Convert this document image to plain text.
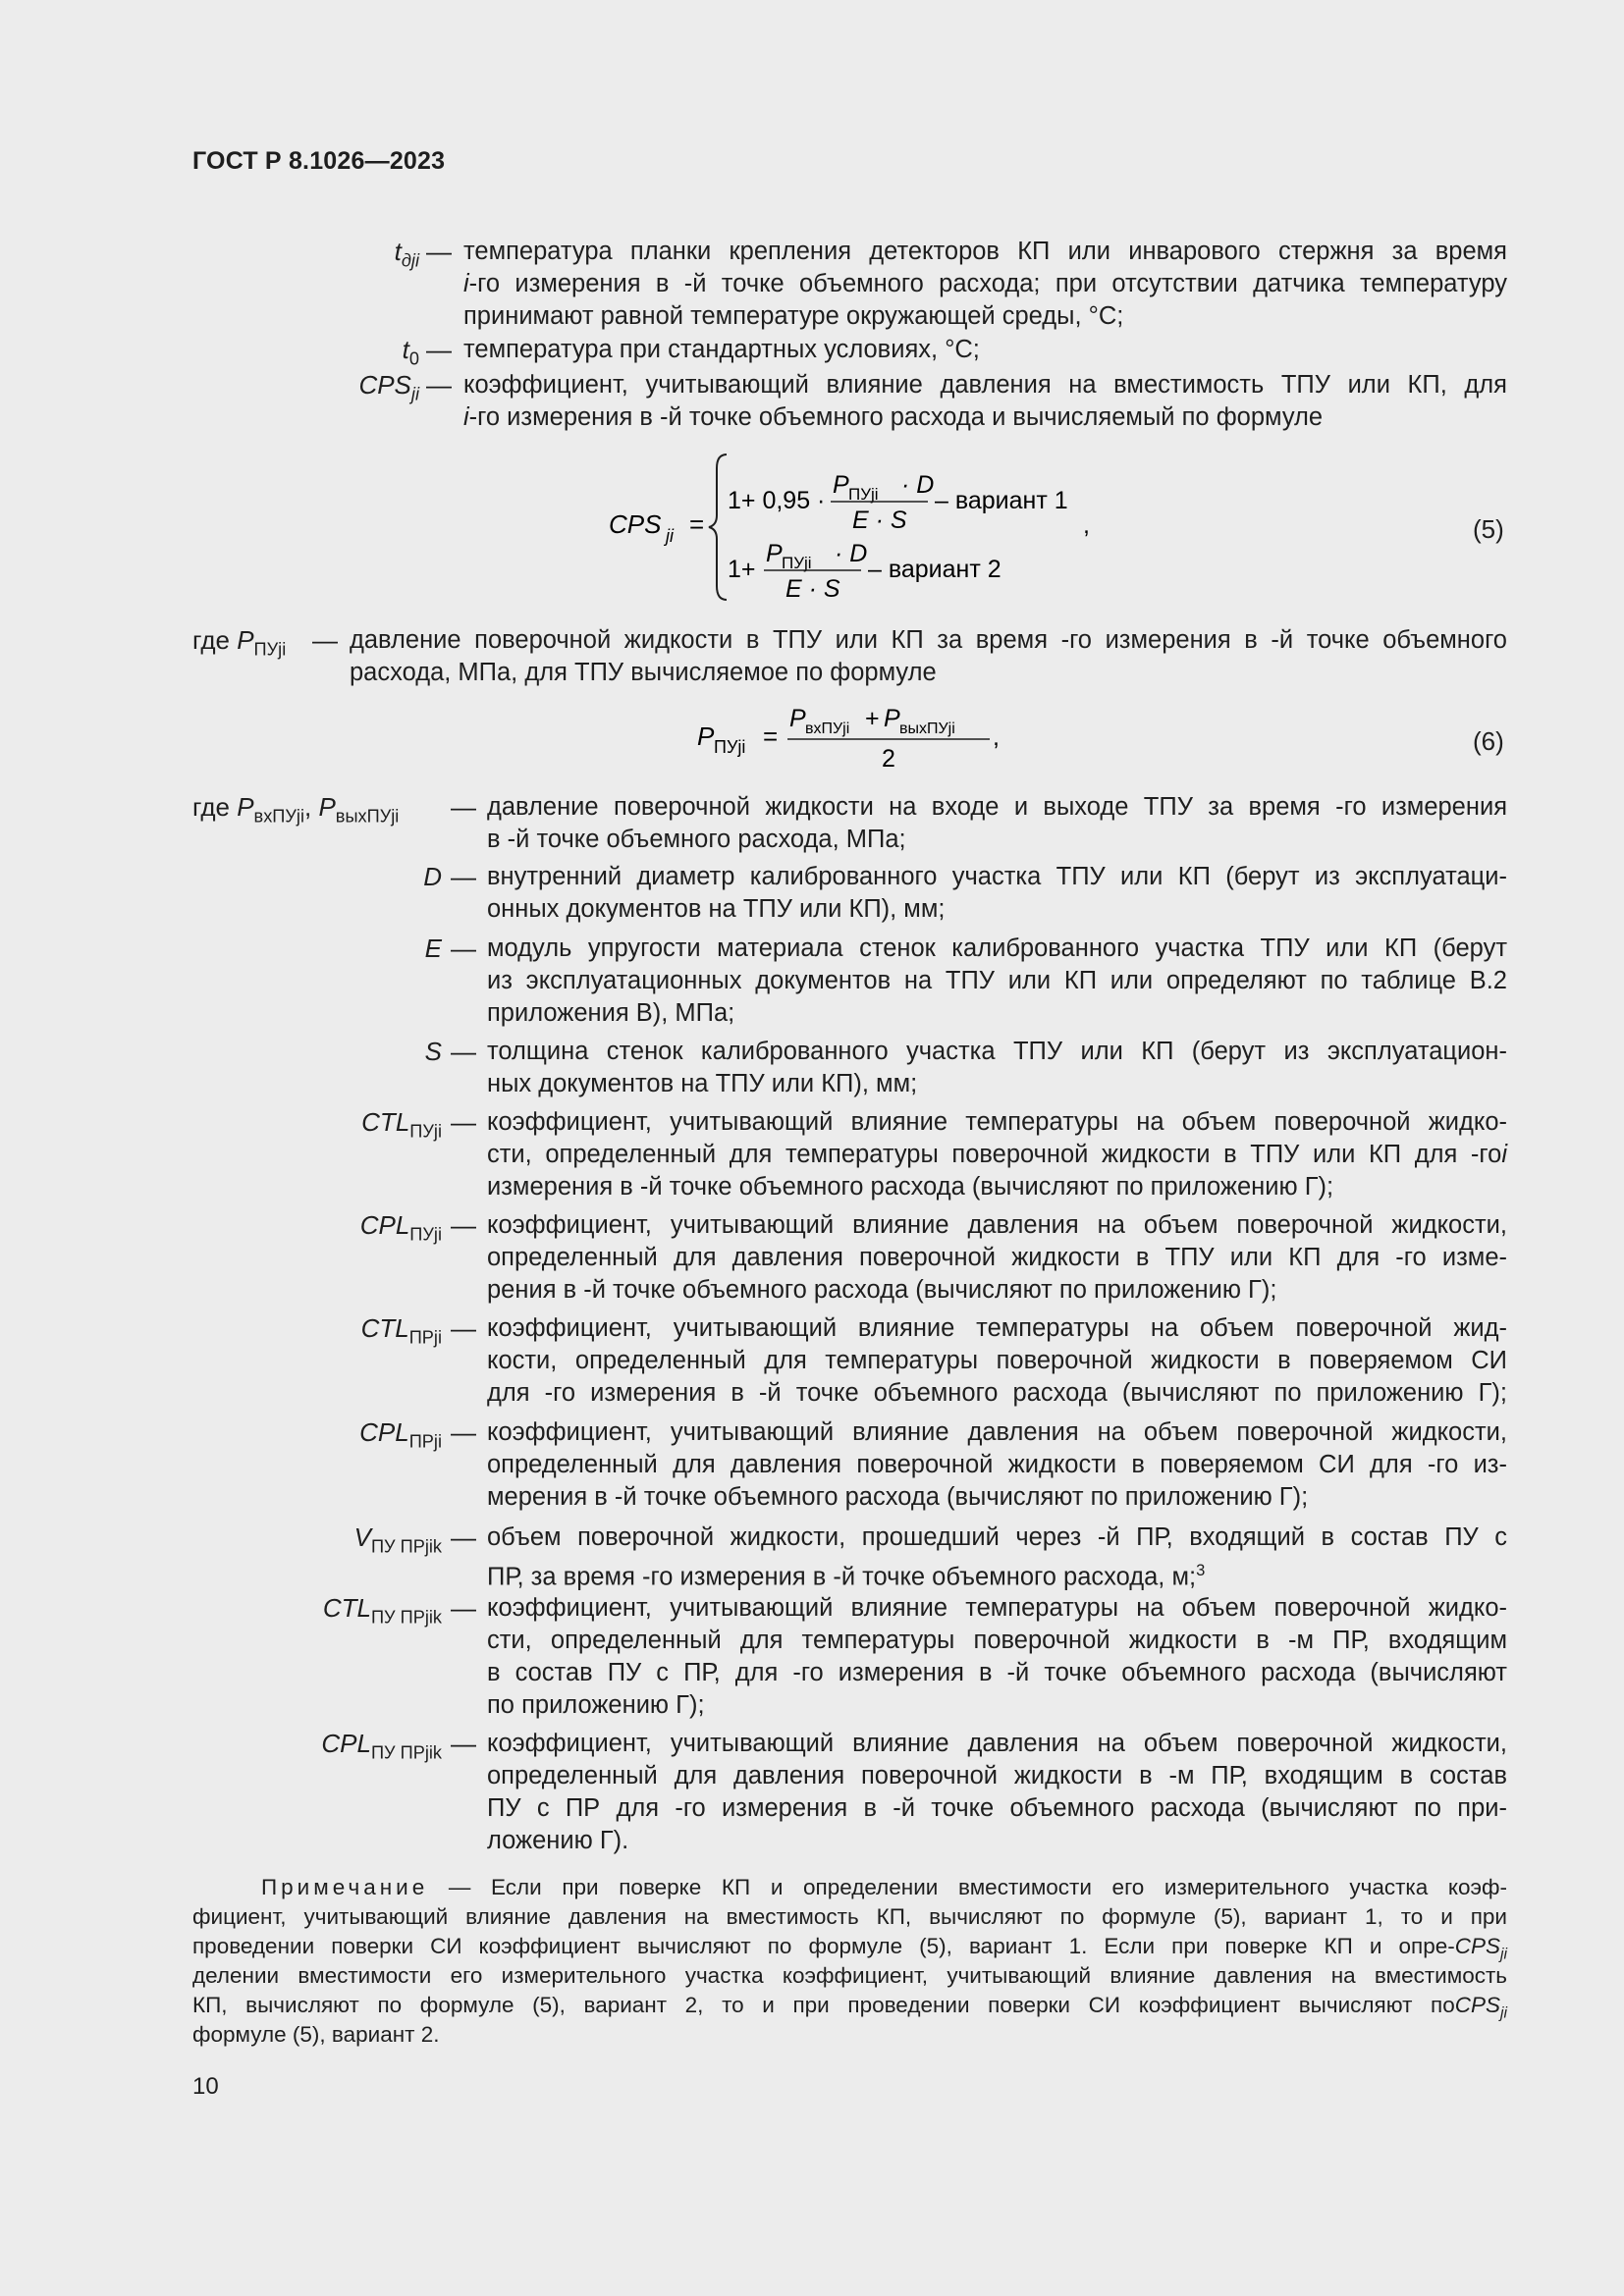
ГОСТ Р 8.1026—2023
$t_{дji}$ — температура планки крепления детекторов КП или инварового стержня за время
i-го измерения в -й точке объемного расхода; при отсутствии датчика температуру
принимают равной температуре окружающей среды, °С;
$t_0$ — температура при стандартных условиях, °С;
$CPS_{ji}$ — коэффициент, учитывающий влияние давления на вместимость ТПУ или КП, для
i-го измерения в -й точке объемного расхода и вычисляемый по формуле
CPS ji =
1+ 0,95 ·
P ПУji · D
E · S
– вариант 1
1+
P ПУji · D
E · S
– вариант 2
,	(5)
где $P_{ПУji}$ — давление поверочной жидкости в ТПУ или КП за время -го измерения в -й точке объемного
расхода, МПа, для ТПУ вычисляемое по формуле
P ПУji =
P вхПУji + P выхПУji
2
,	(6)
где $P_{вхПУji}$, $P_{выхПУji}$ — давление поверочной жидкости на входе и выходе ТПУ за время -го измерения
в -й точке объемного расхода, МПа;
D — внутренний диаметр калиброванного участка ТПУ или КП (берут из эксплуатаци-
онных документов на ТПУ или КП), мм;
E — модуль упругости материала стенок калиброванного участка ТПУ или КП (берут
из эксплуатационных документов на ТПУ или КП или определяют по таблице В.2
приложения В), МПа;
S — толщина стенок калиброванного участка ТПУ или КП (берут из эксплуатацион-
ных документов на ТПУ или КП), мм;
$CTL_{ПУji}$ — коэффициент, учитывающий влияние температуры на объем поверочной жидко-
сти, определенный для температуры поверочной жидкости в ТПУ или КП для -гоi
измерения в -й точке объемного расхода (вычисляют по приложению Г);
$CPL_{ПУji}$ — коэффициент, учитывающий влияние давления на объем поверочной жидкости,
определенный для давления поверочной жидкости в ТПУ или КП для -го изме-
рения в -й точке объемного расхода (вычисляют по приложению Г);
$CTL_{ПРji}$ — коэффициент, учитывающий влияние температуры на объем поверочной жид-
кости, определенный для температуры поверочной жидкости в поверяемом СИ
для -го измерения в -й точке объемного расхода (вычисляют по приложению Г);
$CPL_{ПРji}$ — коэффициент, учитывающий влияние давления на объем поверочной жидкости,
определенный для давления поверочной жидкости в поверяемом СИ для -го из-
мерения в -й точке объемного расхода (вычисляют по приложению Г);
$V_{ПУ ПРjik}$ — объем поверочной жидкости, прошедший через -й ПР, входящий в состав ПУ с
ПР, за время -го измерения в -й точке объемного расхода, м;$^3$
$CTL_{ПУ ПРjik}$ — коэффициент, учитывающий влияние температуры на объем поверочной жидко-
сти, определенный для температуры поверочной жидкости в -м ПР, входящим
в состав ПУ с ПР, для -го измерения в -й точке объемного расхода (вычисляют
по приложению Г);
$CPL_{ПУ ПРjik}$ — коэффициент, учитывающий влияние давления на объем поверочной жидкости,
определенный для давления поверочной жидкости в -м ПР, входящим в состав
ПУ с ПР для -го измерения в -й точке объемного расхода (вычисляют по при-
ложению Г).
Примечание — Если при поверке КП и определении вместимости его измерительного участка коэф-
фициент, учитывающий влияние давления на вместимость КП, вычисляют по формуле (5), вариант 1, то и при
проведении поверки СИ коэффициент вычисляют по формуле (5), вариант 1. Если при поверке КП и опре-$CPS_{ji}$
делении вместимости его измерительного участка коэффициент, учитывающий влияние давления на вместимость
КП, вычисляют по формуле (5), вариант 2, то и при проведении поверки СИ коэффициент вычисляют поCPS$_{ji}$
формуле (5), вариант 2.
10
